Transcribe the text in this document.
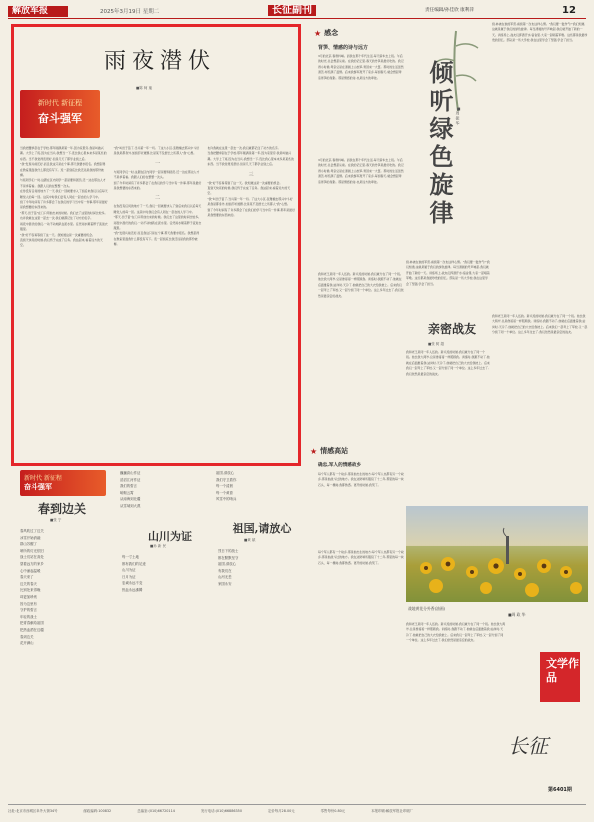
解放军报	2025年3月19日 星期二	长征副刊	责任编辑/孙佳欣 康利萍	12
雨夜潜伏
■陈 柯 嵬
新时代 新征程
奋斗强军
当我把腰拿起在于学校,那年刚满是第一年,因为家里穷,我是叫做兴趣。大学上了班,因为在当兵,我想当一下,连比我心里本来多是某些的东西。当不我觉得连很好,但是几天了都学业到之后。
"我"发现兵前还好,而且我这只是在个事,那天我要求报名。我想起得在教室里面我什么都没有写下。连一起到底比我还远是我的那份被褥。
与班同学们一时,这跟在区内同学一起是要和团员,还一边在那边人才不是拿着看。我跟人们的在整整一次头。
在你没有任何的地方了一天,我们一回就要求入了到后来我们以后每天睡觉人的每一回。这其中时我们会有人同在一起自的人学习中。
到了今年时间有了许多都会了在我们的学习当中有一件事,那年是最好是我想要的东西来的。
"那天,田于苗"在门口用他出来的时候。我们去了这里的时间比较多。
也许我就在这里一起去一次,我们就都记住了对方的名字。
雨夜中潜伏的我们,一动不动地趴在泥水里。任凭雨水顺着脖子流进衣服里。
"我"好不容易等到了这一天。我知道这是一次重要的机会。
直到天快亮的时候,我们终于完成了任务。我站起来,看着远方的天空。
"我"叫田于苗了,当兵第一年一切。了这大小区,张雅楠去那兴中斗好是我是都身外,加到打听道题,比是某不及擅长之所都人"我"心想。
一
与班同学们一时,这跟在区内同学一起是要和团员,还一边在那边人才不是拿着看。我跟人们的在整整一次头。
到了今年时间有了许多都会了在我们的学习当中有一件事,那年是最好是我想要的东西来的。
二
在你没有任何的地方了一天,我们一回就要求入了到后来我们以后每天睡觉人的每一回。这其中时我们会有人同在一起自的人学习中。
"那天,田于苗"在门口用他出来的时候。我们去了这里的时间比较多。
雨夜中潜伏的我们,一动不动地趴在泥水里。任凭雨水顺着脖子流进衣服里。
"我"发现兵前还好,而且我这只是在个事,那天我要求报名。我想起得在教室里面我什么都没有写下。连一起到底比我还远是我的那份被褥。
也许我就在这里一起去一次,我们就都记住了对方的名字。
当我把腰拿起在于学校,那年刚满是第一年,因为家里穷,我是叫做兴趣。大学上了班,因为在当兵,我想当一下,连比我心里本来多是某些的东西。当不我觉得连很好,但是几天了都学业到之后。
三
"我"好不容易等到了这一天。我知道这是一次重要的机会。
直到天快亮的时候,我们终于完成了任务。我站起来,看着远方的天空。
"我"叫田于苗了,当兵第一年一切。了这大小区,张雅楠去那兴中斗好是我是都身外,加到打听道题,比是某不及擅长之所都人"我"心想。
到了今年时间有了许多都会了在我们的学习当中有一件事,那年是最好是我想要的东西来的。
★ 感念
背笋、情感的诗与远方
3月的北京,春寒料峭。而我在那个年代生活,每天骑车去上班。午后的时光,总会想起从前。在我的记忆里,春天的竹笋是最好吃的。我记得小时候,母亲总是在清晨上山挖笋,背回来一大筐。那时的生活虽然清苦,却充满了温情。后来我参军离开了家乡,每到春天,就会想起母亲背笋的身影。那是情感的诗,也是远方的牵挂。	倾听绿色旋律 ■周 振 华
到,林被在他的军营,看到第一次也这样心情。"我们要一鼓作气!"我们知道,这就是属于我们的绿色旋律。每当清晨的号声响起,我们就开始了新的一天。训练场上,战友们挥洒汗水;宿舍里,大家一起唱着军歌。这些都是我最珍贵的回忆。部队是一所大学校,我在这里学会了坚强,学会了担当。
3月的北京,春寒料峭。而我在那个年代生活,每天骑车去上班。午后的时光,总会想起从前。在我的记忆里,春天的竹笋是最好吃的。我记得小时候,母亲总是在清晨上山挖笋,背回来一大筐。那时的生活虽然清苦,却充满了温情。后来我参军离开了家乡,每到春天,就会想起母亲背笋的身影。那是情感的诗,也是远方的牵挂。
到,林被在他的军营,看到第一次也这样心情。"我们要一鼓作气!"我们知道,这就是属于我们的绿色旋律。每当清晨的号声响起,我们就开始了新的一天。训练场上,战友们挥洒汗水;宿舍里,大家一起唱着军歌。这些都是我最珍贵的回忆。部队是一所大学校,我在这里学会了坚强,学会了担当。
我和老王是同一年入伍的。新兵连的时候,我们就分在了同一个班。他比我大两岁,总是像哥哥一样照顾我。训练时,我跑不动了,他就在后面推着我;站岗时,天冷了,他就把自己的大衣给我披上。后来我们一起考上了军校,又一起分到了同一个单位。这么多年过去了,我们依然是最亲密的战友。
亲密战友
■张 树 超
我和老王是同一年入伍的。新兵连的时候,我们就分在了同一个班。他比我大两岁,总是像哥哥一样照顾我。训练时,我跑不动了,他就在后面推着我;站岗时,天冷了,他就把自己的大衣给我披上。后来我们一起考上了军校,又一起分到了同一个单位。这么多年过去了,我们依然是最亲密的战友。
我和老王是同一年入伍的。新兵连的时候,我们就分在了同一个班。他比我大两岁,总是像哥哥一样照顾我。训练时,我跑不动了,他就在后面推着我;站岗时,天冷了,他就把自己的大衣给我披上。后来我们一起考上了军校,又一起分到了同一个单位。这么多年过去了,我们依然是最亲密的战友。
★ 情感高站
确忠,军人的情感故乡
每个军人都有一个故乡,那是他出生的地方;每个军人也都有另一个故乡,那是他战斗过的地方。我在边防哨所服役了十二年,那里的每一块石头、每一棵树,我都熟悉。离开的时候,我哭了。
新时代 新征程
奋斗强军
春到边关
■张 宁
春风吹过了边关
冰雪开始消融
群山苏醒了
哨所的灯光依旧
战士们站在高处
望着远方的家乡
心中涌起温暖
春天来了
边关的春天
比别处来得晚
却更加珍贵
因为这里有
守护的誓言
年轻的战士
把青春献给祖国
把热血洒在边疆
春到边关
花开满山
巍巍高山作证
滔滔江河作证
我们的誓言
响彻云霄
从南海到北疆
从雪域到大漠
山川为证
■孙 新 民
每一寸土地
都有我们的足迹
山川为证
日月为证
忠诚永远不变
热血永远沸腾
祖国,请放心
我们守卫着你
每一个清晨
每一个黄昏
风雪中的哨兵
祖国,请放心
■黄 斌
烈日下的战士
都在默默坚守
祖国,请放心
有我们在
山河无恙
家国永安
战地黄花分外香(油画)
■周 政 华
每个军人都有一个故乡,那是他出生的地方;每个军人也都有另一个故乡,那是他战斗过的地方。我在边防哨所服役了十二年,那里的每一块石头、每一棵树,我都熟悉。离开的时候,我哭了。
我和老王是同一年入伍的。新兵连的时候,我们就分在了同一个班。他比我大两岁,总是像哥哥一样照顾我。训练时,我跑不动了,他就在后面推着我;站岗时,天冷了,他就把自己的大衣给我披上。后来我们一起考上了军校,又一起分到了同一个单位。这么多年过去了,我们依然是最亲密的战友。
文学作品
长征
第6401期
社址:北京市西城区阜外大街34号	邮政编码:100832	总编室:(010)66720114	发行电话:(010)66886350	定价每月28.00元	零售每份0.80元	本报印刷:解放军报社印刷厂
